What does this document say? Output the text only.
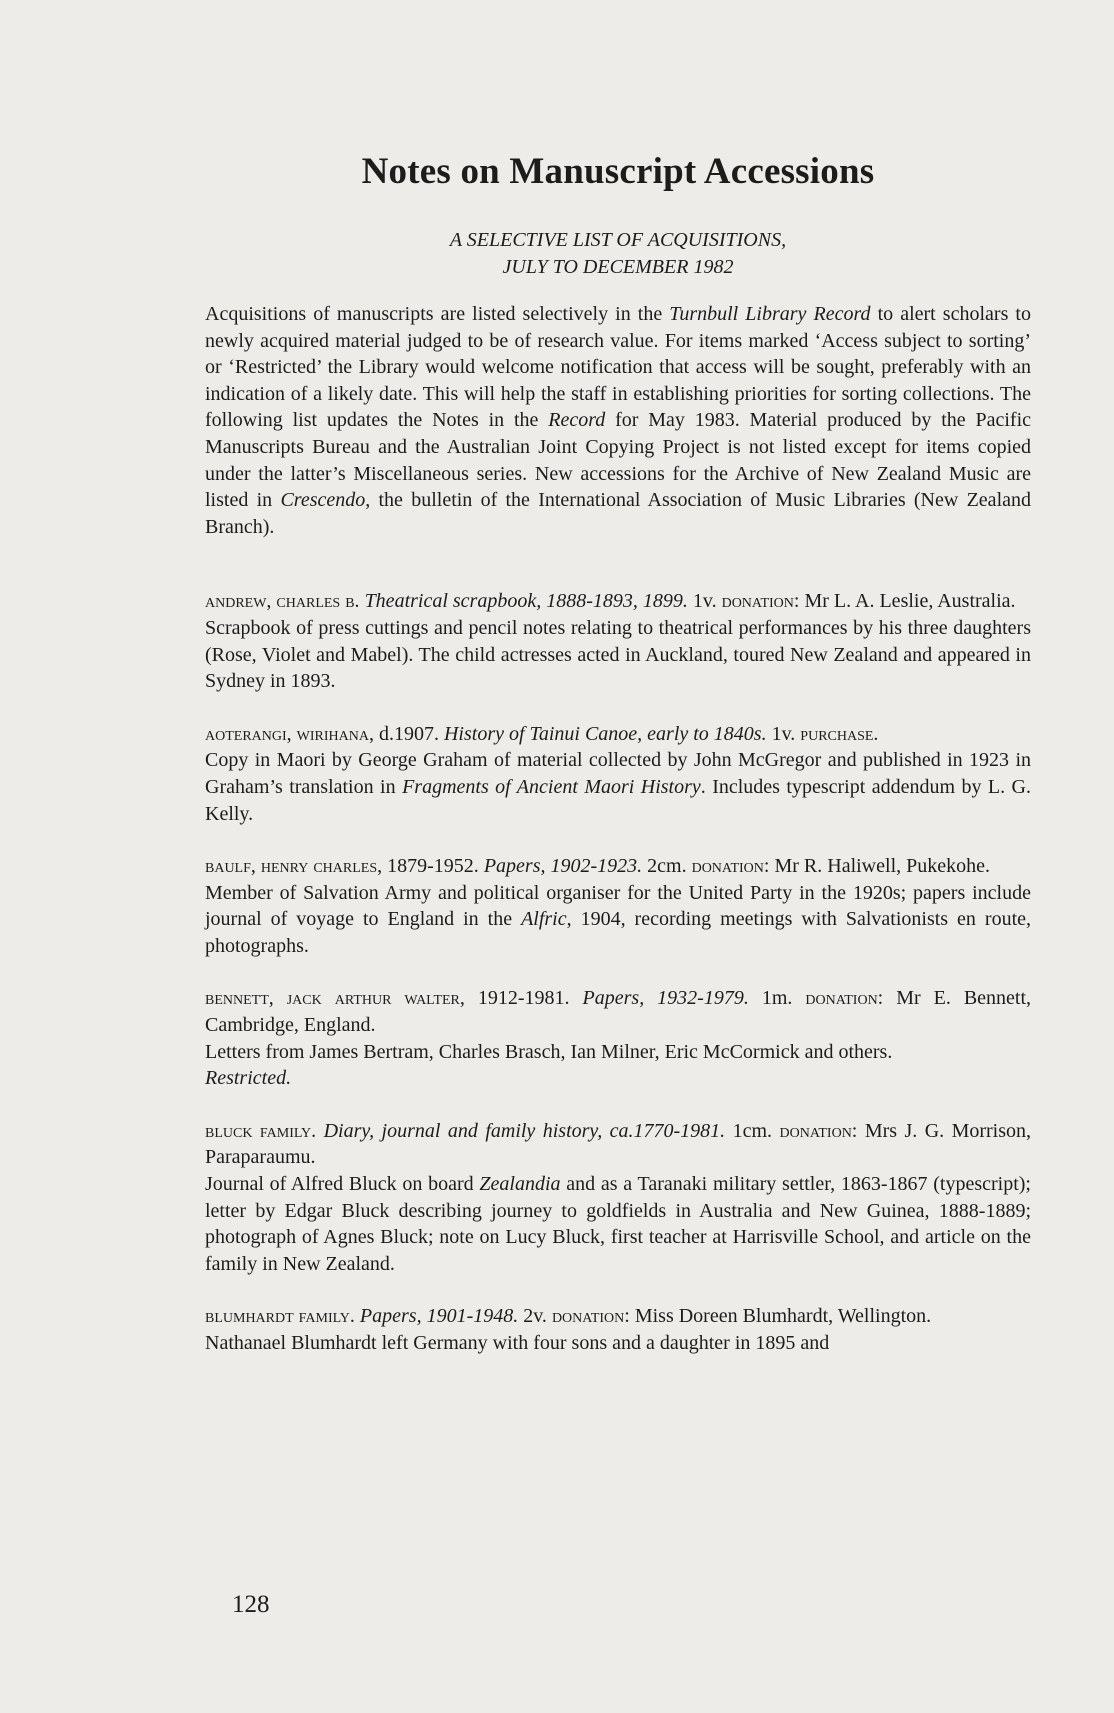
Notes on Manuscript Accessions
A SELECTIVE LIST OF ACQUISITIONS,
JULY TO DECEMBER 1982

Acquisitions of manuscripts are listed selectively in the Turnbull Library Record to alert scholars to newly acquired material judged to be of research value. For items marked ‘Access subject to sorting’ or ‘Restricted’ the Library would welcome notification that access will be sought, preferably with an indication of a likely date. This will help the staff in establishing priorities for sorting collections. The following list updates the Notes in the Record for May 1983. Material produced by the Pacific Manuscripts Bureau and the Australian Joint Copying Project is not listed except for items copied under the latter’s Miscellaneous series. New accessions for the Archive of New Zealand Music are listed in Crescendo, the bulletin of the International Association of Music Libraries (New Zealand Branch).

andrew, charles b. Theatrical scrapbook, 1888-1893, 1899. 1v. donation: Mr L. A. Leslie, Australia.

Scrapbook of press cuttings and pencil notes relating to theatrical performances by his three daughters (Rose, Violet and Mabel). The child actresses acted in Auckland, toured New Zealand and appeared in Sydney in 1893.

aoterangi, wirihana, d.1907. History of Tainui Canoe, early to 1840s. 1v. purchase.

Copy in Maori by George Graham of material collected by John McGregor and published in 1923 in Graham’s translation in Fragments of Ancient Maori History. Includes typescript addendum by L. G. Kelly.

baulf, henry charles, 1879-1952. Papers, 1902-1923. 2cm. donation: Mr R. Haliwell, Pukekohe.

Member of Salvation Army and political organiser for the United Party in the 1920s; papers include journal of voyage to England in the Alfric, 1904, recording meetings with Salvationists en route, photographs.

bennett, jack arthur walter, 1912-1981. Papers, 1932-1979. 1m. donation: Mr E. Bennett, Cambridge, England.

Letters from James Bertram, Charles Brasch, Ian Milner, Eric McCormick and others.

Restricted.

bluck family. Diary, journal and family history, ca.1770-1981. 1cm. donation: Mrs J. G. Morrison, Paraparaumu.

Journal of Alfred Bluck on board Zealandia and as a Taranaki military settler, 1863-1867 (typescript); letter by Edgar Bluck describing journey to goldfields in Australia and New Guinea, 1888-1889; photograph of Agnes Bluck; note on Lucy Bluck, first teacher at Harrisville School, and article on the family in New Zealand.

blumhardt family. Papers, 1901-1948. 2v. donation: Miss Doreen Blumhardt, Wellington.

Nathanael Blumhardt left Germany with four sons and a daughter in 1895 and

128
